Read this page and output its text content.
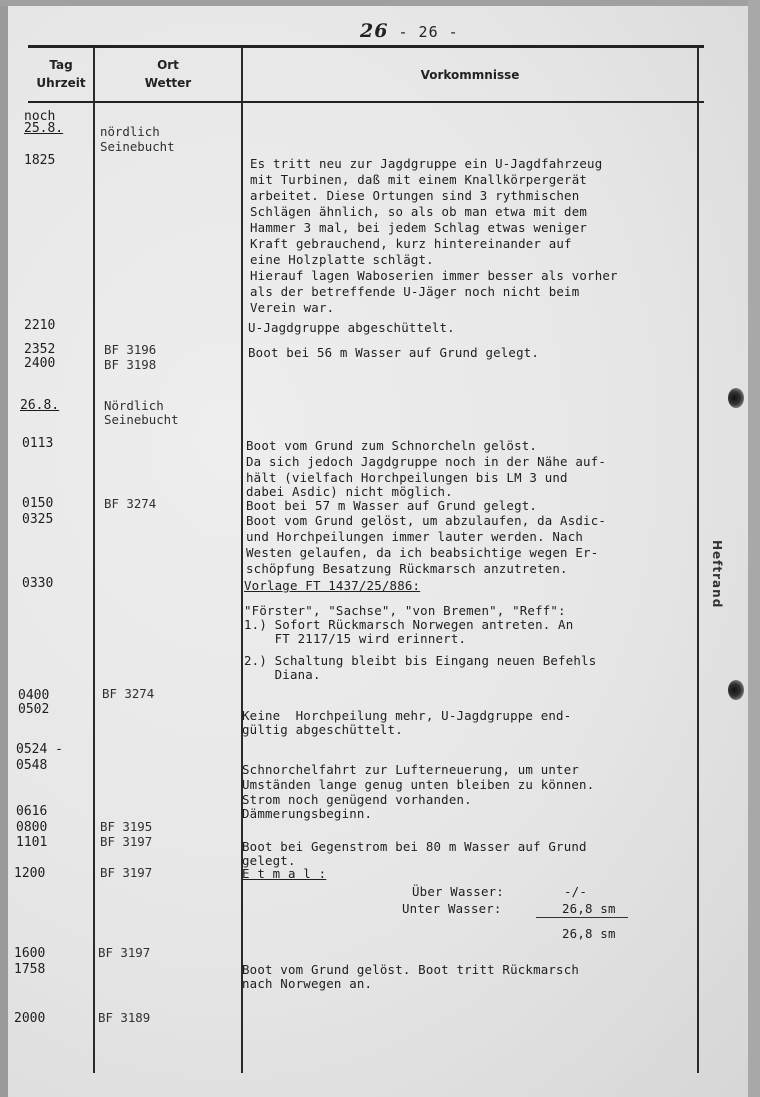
26 - 26 -
Tag
Uhrzeit
Ort
Wetter
Vorkommnisse
noch
25.8.
1825
2210
2352
2400
26.8.
0113
0150
0325
0330
0400
0502
0524 -
0548
0616
0800
1101
1200
1600
1758
2000
nördlich
Seinebucht
BF 3196
BF 3198
Nördlich
Seinebucht
BF 3274
BF 3274
BF 3195
BF 3197
BF 3197
BF 3197
BF 3189
Es tritt neu zur Jagdgruppe ein U-Jagdfahrzeug
mit Turbinen, daß mit einem Knallkörpergerät
arbeitet. Diese Ortungen sind 3 rythmischen
Schlägen ähnlich, so als ob man etwa mit dem
Hammer 3 mal, bei jedem Schlag etwas weniger
Kraft gebrauchend, kurz hintereinander auf
eine Holzplatte schlägt.
Hierauf lagen Waboserien immer besser als vorher
als der betreffende U-Jäger noch nicht beim
Verein war.
U-Jagdgruppe abgeschüttelt.
Boot bei 56 m Wasser auf Grund gelegt.
Boot vom Grund zum Schnorcheln gelöst.
Da sich jedoch Jagdgruppe noch in der Nähe auf-
hält (vielfach Horchpeilungen bis LM 3 und
dabei Asdic) nicht möglich.
Boot bei 57 m Wasser auf Grund gelegt.
Boot vom Grund gelöst, um abzulaufen, da Asdic-
und Horchpeilungen immer lauter werden. Nach
Westen gelaufen, da ich beabsichtige wegen Er-
schöpfung Besatzung Rückmarsch anzutreten.
Vorlage FT 1437/25/886:
"Förster", "Sachse", "von Bremen", "Reff":
1.) Sofort Rückmarsch Norwegen antreten. An
FT 2117/15 wird erinnert.
2.) Schaltung bleibt bis Eingang neuen Befehls
Diana.
Keine  Horchpeilung mehr, U-Jagdgruppe end-
gültig abgeschüttelt.
Schnorchelfahrt zur Lufterneuerung, um unter
Umständen lange genug unten bleiben zu können.
Strom noch genügend vorhanden.
Dämmerungsbeginn.
Boot bei Gegenstrom bei 80 m Wasser auf Grund
gelegt.
E t m a l :
Über Wasser:	-/-
Unter Wasser:	26,8 sm
26,8 sm
Boot vom Grund gelöst. Boot tritt Rückmarsch
nach Norwegen an.
Heftrand
